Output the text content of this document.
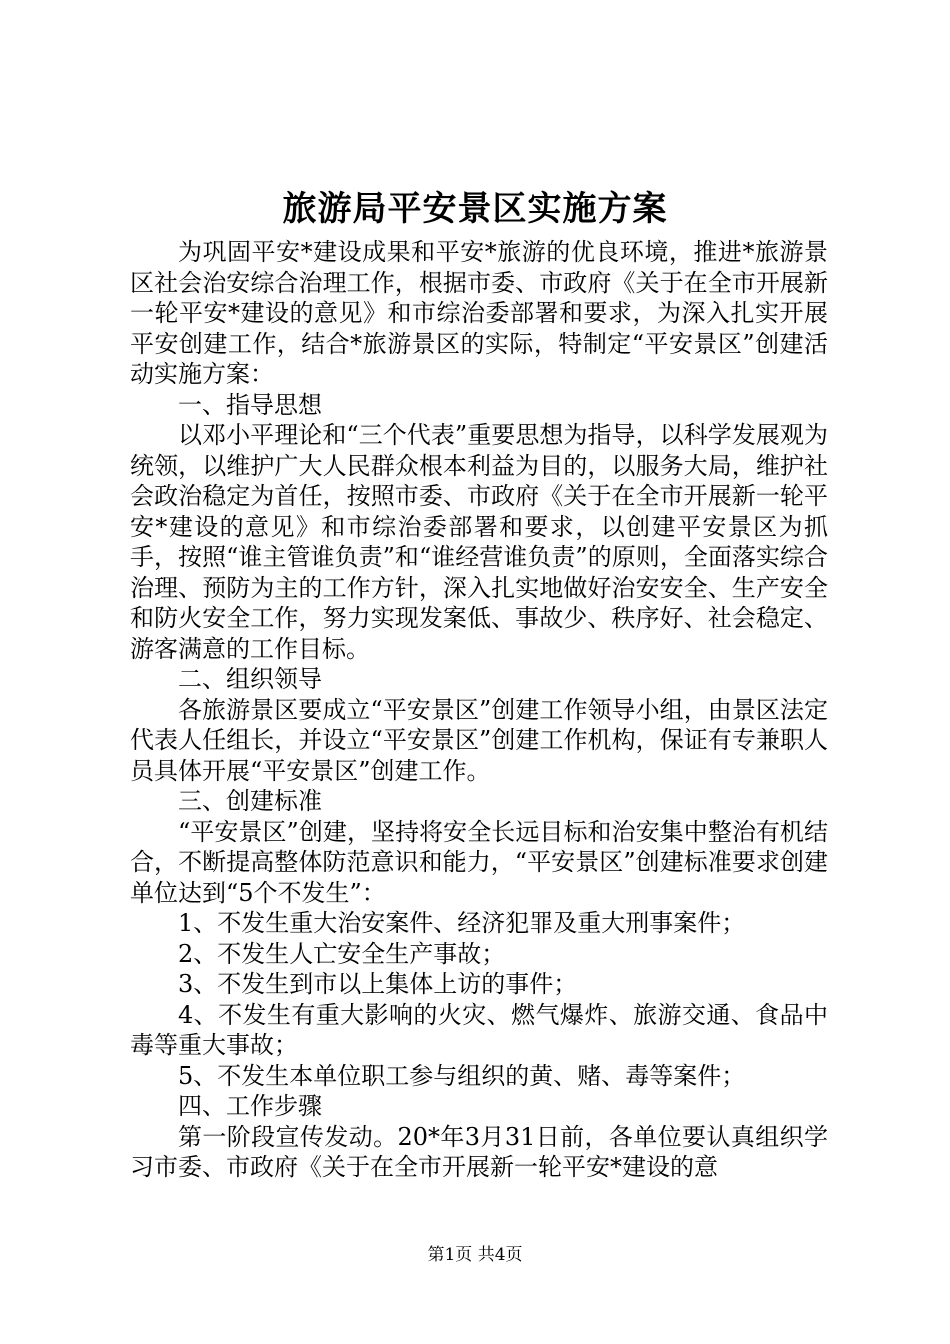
旅游局平安景区实施方案

为巩固平安*建设成果和平安*旅游的优良环境，推进*旅游景区社会治安综合治理工作，根据市委、市政府《关于在全市开展新一轮平安*建设的意见》和市综治委部署和要求，为深入扎实开展平安创建工作，结合*旅游景区的实际，特制定“平安景区”创建活动实施方案：

一、指导思想

以邓小平理论和“三个代表”重要思想为指导，以科学发展观为统领，以维护广大人民群众根本利益为目的，以服务大局，维护社会政治稳定为首任，按照市委、市政府《关于在全市开展新一轮平安*建设的意见》和市综治委部署和要求，以创建平安景区为抓手，按照“谁主管谁负责”和“谁经营谁负责”的原则，全面落实综合治理、预防为主的工作方针，深入扎实地做好治安安全、生产安全和防火安全工作，努力实现发案低、事故少、秩序好、社会稳定、游客满意的工作目标。

二、组织领导

各旅游景区要成立“平安景区”创建工作领导小组，由景区法定代表人任组长，并设立“平安景区”创建工作机构，保证有专兼职人员具体开展“平安景区”创建工作。

三、创建标准

“平安景区”创建，坚持将安全长远目标和治安集中整治有机结合，不断提高整体防范意识和能力，“平安景区”创建标准要求创建单位达到“5个不发生”：

1、不发生重大治安案件、经济犯罪及重大刑事案件；

2、不发生人亡安全生产事故；

3、不发生到市以上集体上访的事件；

4、不发生有重大影响的火灾、燃气爆炸、旅游交通、食品中毒等重大事故；

5、不发生本单位职工参与组织的黄、赌、毒等案件；

四、工作步骤

第一阶段宣传发动。20*年3月31日前，各单位要认真组织学习市委、市政府《关于在全市开展新一轮平安*建设的意

第1页 共4页
